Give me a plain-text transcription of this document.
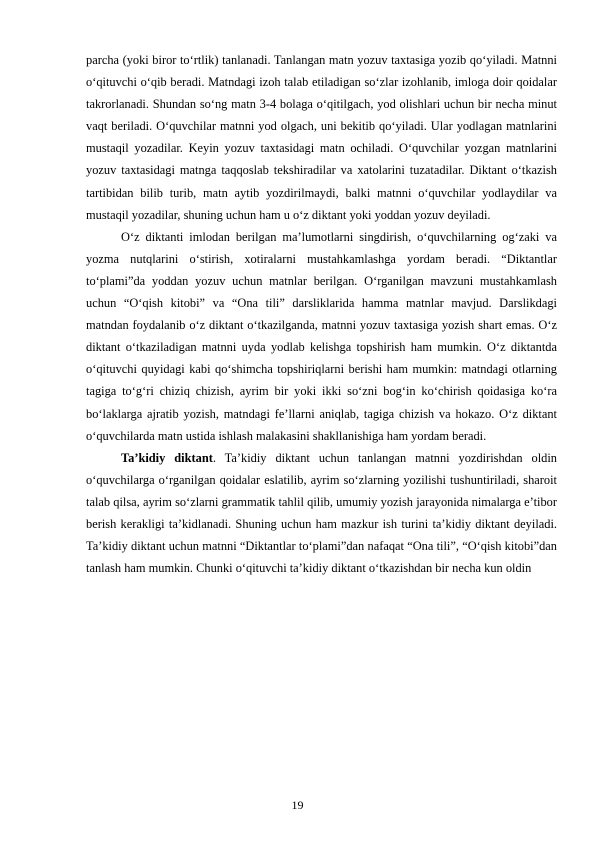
parcha (yoki biror to‘rtlik) tanlanadi. Tanlangan matn yozuv taxtasiga yozib qo‘yiladi. Matnni o‘qituvchi o‘qib beradi. Matndagi izoh talab etiladigan so‘zlar izohlanib, imloga doir qoidalar takrorlanadi. Shundan so‘ng matn 3-4 bolaga o‘qitilgach, yod olishlari uchun bir necha minut vaqt beriladi. O‘quvchilar matnni yod olgach, uni bekitib qo‘yiladi. Ular yodlagan matnlarini mustaqil yozadilar. Keyin yozuv taxtasidagi matn ochiladi. O‘quvchilar yozgan matnlarini yozuv taxtasidagi matnga taqqoslab tekshiradilar va xatolarini tuzatadilar. Diktant o‘tkazish tartibidan bilib turib, matn aytib yozdirilmaydi, balki matnni o‘quvchilar yodlaydilar va mustaqil yozadilar, shuning uchun ham u o‘z diktant yoki yoddan yozuv deyiladi.

O‘z diktanti imlodan berilgan ma’lumotlarni singdirish, o‘quvchilarning og‘zaki va yozma nutqlarini o‘stirish, xotiralarni mustahkamlashga yordam beradi. “Diktantlar to‘plami”da yoddan yozuv uchun matnlar berilgan. O‘rganilgan mavzuni mustahkamlash uchun “O‘qish kitobi” va “Ona tili” darsliklarida hamma matnlar mavjud. Darslikdagi matndan foydalanib o‘z diktant o‘tkazilganda, matnni yozuv taxtasiga yozish shart emas. O‘z diktant o‘tkaziladigan matnni uyda yodlab kelishga topshirish ham mumkin. O‘z diktantda o‘qituvchi quyidagi kabi qo‘shimcha topshiriqlarni berishi ham mumkin: matndagi otlarning tagiga to‘g‘ri chiziq chizish, ayrim bir yoki ikki so‘zni bog‘in ko‘chirish qoidasiga ko‘ra bo‘laklarga ajratib yozish, matndagi fe’llarni aniqlab, tagiga chizish va hokazo. O‘z diktant o‘quvchilarda matn ustida ishlash malakasini shakllanishiga ham yordam beradi.

Ta’kidiy diktant. Ta’kidiy diktant uchun tanlangan matnni yozdirishdan oldin o‘quvchilarga o‘rganilgan qoidalar eslatilib, ayrim so‘zlarning yozilishi tushuntiriladi, sharoit talab qilsa, ayrim so‘zlarni grammatik tahlil qilib, umumiy yozish jarayonida nimalarga e’tibor berish kerakligi ta’kidlanadi. Shuning uchun ham mazkur ish turini ta’kidiy diktant deyiladi. Ta’kidiy diktant uchun matnni “Diktantlar to‘plami”dan nafaqat “Ona tili”, “O‘qish kitobi”dan tanlash ham mumkin. Chunki o‘qituvchi ta’kidiy diktant o‘tkazishdan bir necha kun oldin

19
